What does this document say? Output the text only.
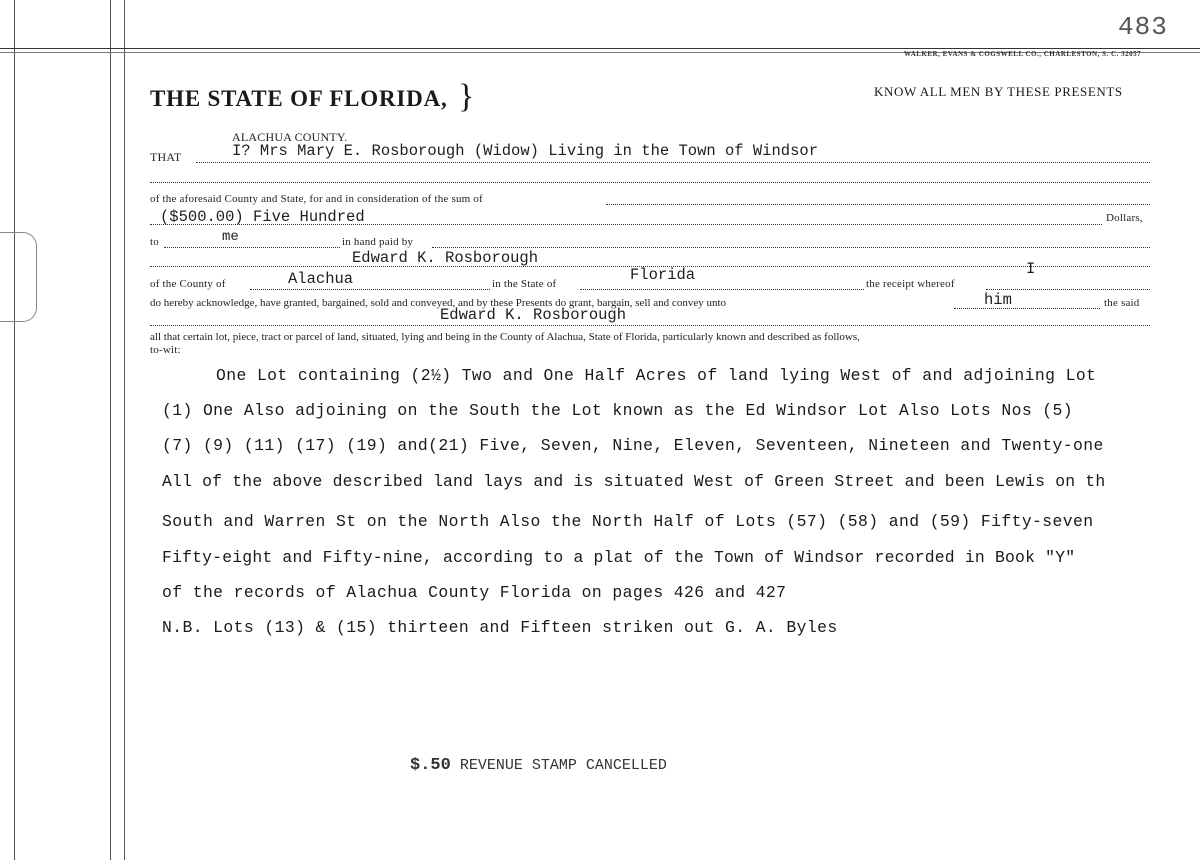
483
WALKER, EVANS & COGSWELL CO., CHARLESTON, S. C. 32057
THE STATE OF FLORIDA, }	KNOW ALL MEN BY THESE PRESENTS
ALACHUA COUNTY.
THAT	I? Mrs Mary E. Rosborough (Widow) Living in the Town of Windsor
of the aforesaid County and State, for and in consideration of the sum of
($500.00) Five Hundred	Dollars,
to	me	in hand paid by
Edward K. Rosborough
of the County of	Alachua	in the State of	Florida	the receipt whereof
I
do hereby acknowledge, have granted, bargained, sold and conveyed, and by these Presents do grant, bargain, sell and convey unto	him	the said
Edward K. Rosborough
all that certain lot, piece, tract or parcel of land, situated, lying and being in the County of Alachua, State of Florida, particularly known and described as follows,
to-wit:
One Lot containing (2½) Two and One Half Acres of land lying West of and adjoining Lot
(1) One Also adjoining on the South the Lot known as the Ed Windsor Lot Also Lots Nos (5)
(7) (9) (11) (17) (19) and(21) Five, Seven, Nine, Eleven, Seventeen, Nineteen and Twenty-one
All of the above described land lays and is situated West of Green Street and been Lewis on th
South and Warren St on the North Also the North Half of Lots (57) (58) and (59) Fifty-seven
Fifty-eight and Fifty-nine, according to a plat of the Town of Windsor recorded in Book "Y"
of the records of Alachua County Florida on pages 426 and 427
N.B. Lots (13) & (15) thirteen and Fifteen striken out G. A. Byles
$.50 REVENUE STAMP CANCELLED
